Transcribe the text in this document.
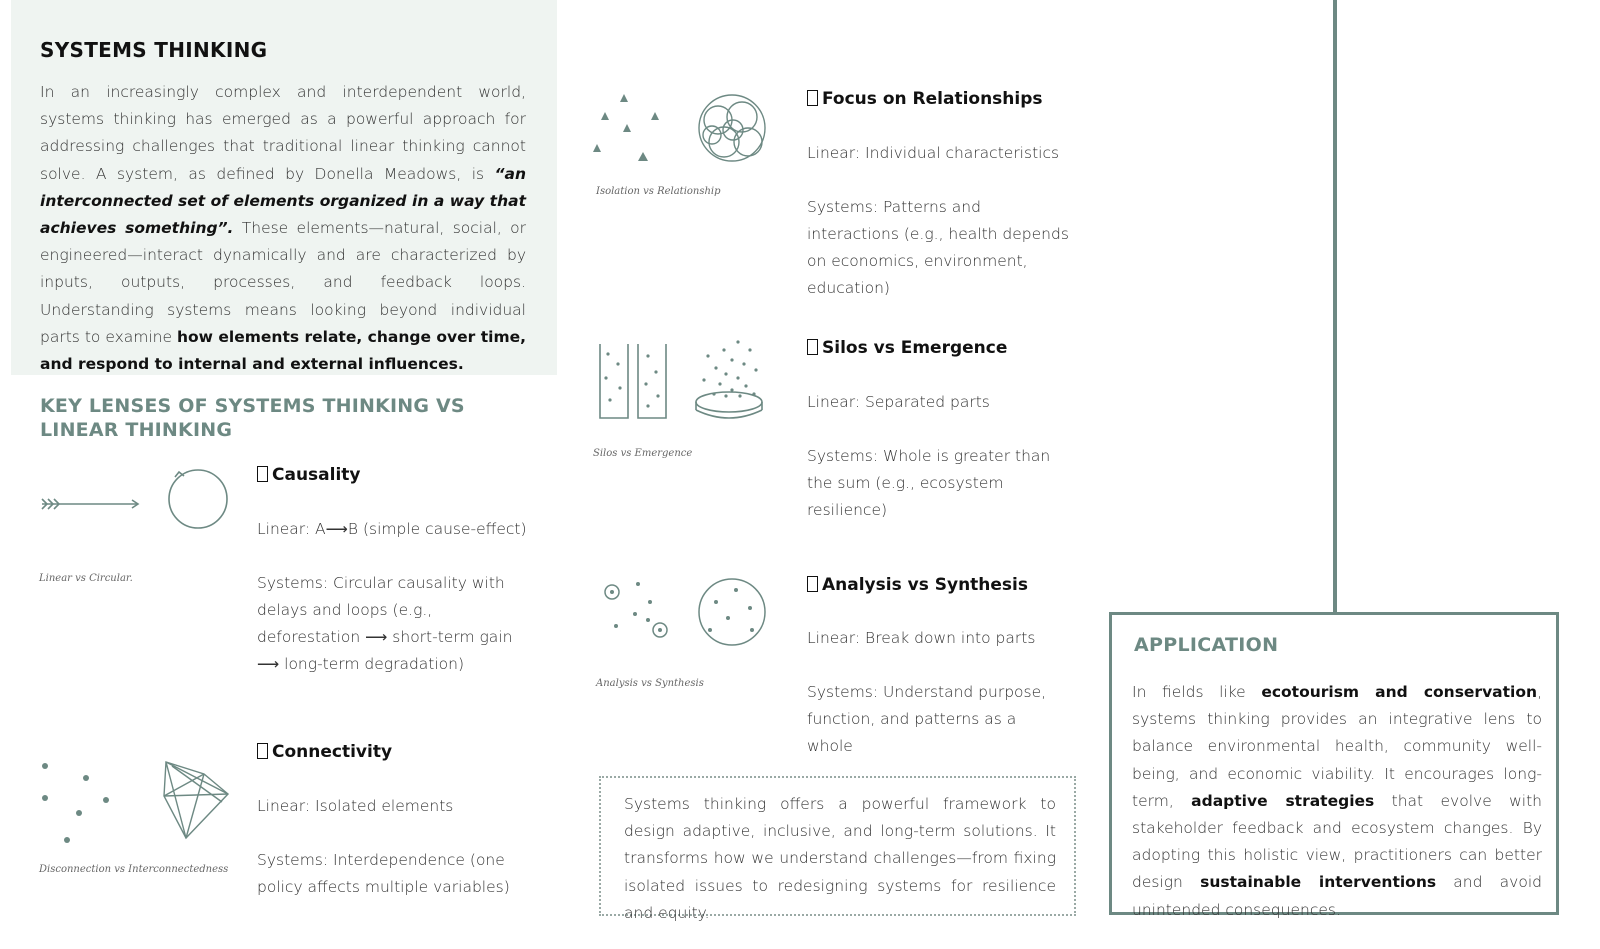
SYSTEMS THINKING

In an increasingly complex and interdependent world, systems thinking has emerged as a powerful approach for addressing challenges that traditional linear thinking cannot solve. A system, as defined by Donella Meadows, is “an interconnected set of elements organized in a way that achieves something”. These elements—natural, social, or engineered—interact dynamically and are characterized by inputs, outputs, processes, and feedback loops. Understanding systems means looking beyond individual parts to examine how elements relate, change over time, and respond to internal and external influences.

KEY LENSES OF SYSTEMS THINKING VS LINEAR THINKING
Linear vs Circular.
Causality
Linear: A⟶B (simple cause-effect)
Systems: Circular causality with delays and loops (e.g., deforestation ⟶ short-term gain ⟶ long-term degradation)
Disconnection vs Interconnectedness
Connectivity
Linear: Isolated elements
Systems: Interdependence (one policy affects multiple variables)
Isolation vs Relationship
Focus on Relationships
Linear: Individual characteristics
Systems: Patterns and interactions (e.g., health depends on economics, environment, education)
Silos vs Emergence
Silos vs Emergence
Linear: Separated parts
Systems: Whole is greater than the sum (e.g., ecosystem resilience)
Analysis vs Synthesis
Analysis vs Synthesis
Linear: Break down into parts
Systems: Understand purpose, function, and patterns as a whole

Systems thinking offers a powerful framework to design adaptive, inclusive, and long-term solutions. It transforms how we understand challenges—from fixing isolated issues to redesigning systems for resilience and equity.

APPLICATION

In fields like ecotourism and conservation, systems thinking provides an integrative lens to balance environmental health, community well-being, and economic viability. It encourages long-term, adaptive strategies that evolve with stakeholder feedback and ecosystem changes. By adopting this holistic view, practitioners can better design sustainable interventions and avoid unintended consequences.
